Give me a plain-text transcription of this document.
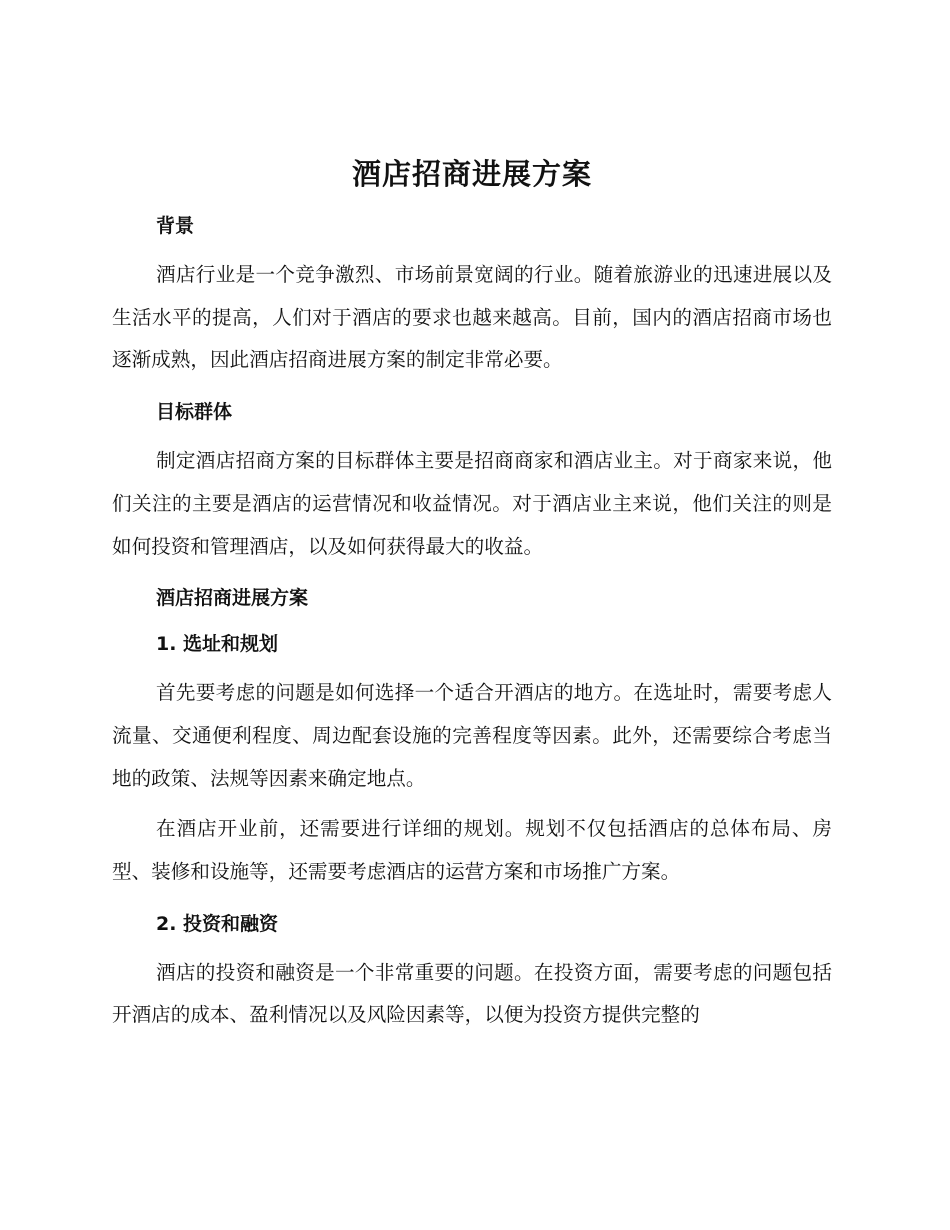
酒店招商进展方案

背景

酒店行业是一个竞争激烈、市场前景宽阔的行业。随着旅游业的迅速进展以及生活水平的提高，人们对于酒店的要求也越来越高。目前，国内的酒店招商市场也逐渐成熟，因此酒店招商进展方案的制定非常必要。

目标群体

制定酒店招商方案的目标群体主要是招商商家和酒店业主。对于商家来说，他们关注的主要是酒店的运营情况和收益情况。对于酒店业主来说，他们关注的则是如何投资和管理酒店，以及如何获得最大的收益。

酒店招商进展方案

1. 选址和规划

首先要考虑的问题是如何选择一个适合开酒店的地方。在选址时，需要考虑人流量、交通便利程度、周边配套设施的完善程度等因素。此外，还需要综合考虑当地的政策、法规等因素来确定地点。

在酒店开业前，还需要进行详细的规划。规划不仅包括酒店的总体布局、房型、装修和设施等，还需要考虑酒店的运营方案和市场推广方案。

2. 投资和融资

酒店的投资和融资是一个非常重要的问题。在投资方面，需要考虑的问题包括开酒店的成本、盈利情况以及风险因素等，以便为投资方提供完整的
